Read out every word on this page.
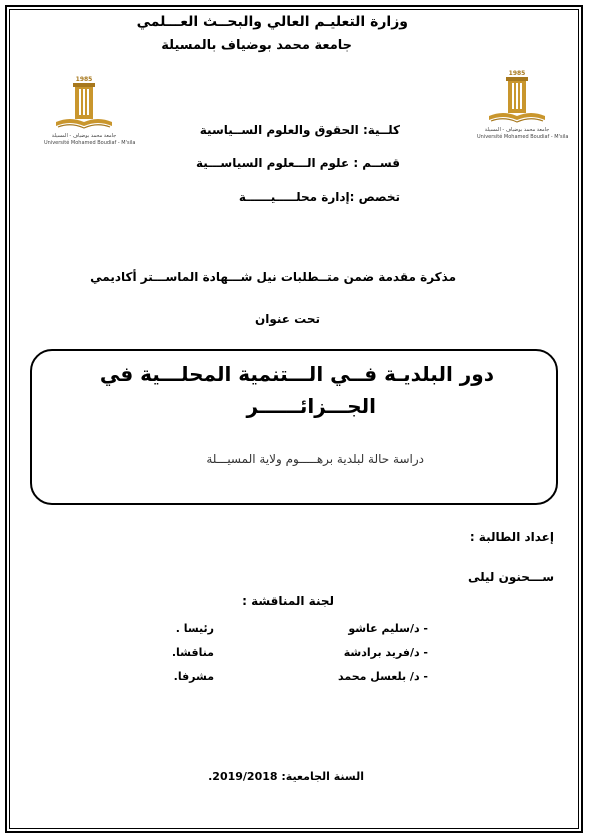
وزارة التعليـم العالي والبحــث العـــلمي
جامعة محمد بوضياف بالمسيلة
1985
جامعة محمد بوضياف - المسيلة
Université Mohamed Boudiaf - M'sila
1985
جامعة محمد بوضياف - المسيلة
Université Mohamed Boudiaf - M'sila
كلــية: الحقوق والعلوم الســياسية
قســم : علوم الـــعلوم السياســـية
تخصص :إدارة محلـــــيــــــة
مذكرة مقدمة ضمن متــطلبات نيل شـــهادة الماســـتر أكاديمي
تحت عنوان
دور البلديـة فــي الـــتنمية المحلـــية في
الجـــزائــــــر
دراسة حالة لبلدية برهـــــوم ولاية المسيـــلة
إعداد الطالبة :
ســـحنون ليلى
لجنة المناقشة :
- د/سليم عاشو
رئيسا .
- د/فريد برادشة
مناقشا.
- د/ بلعسل محمد
مشرفا.
السنة الجامعية: 2019/2018.
